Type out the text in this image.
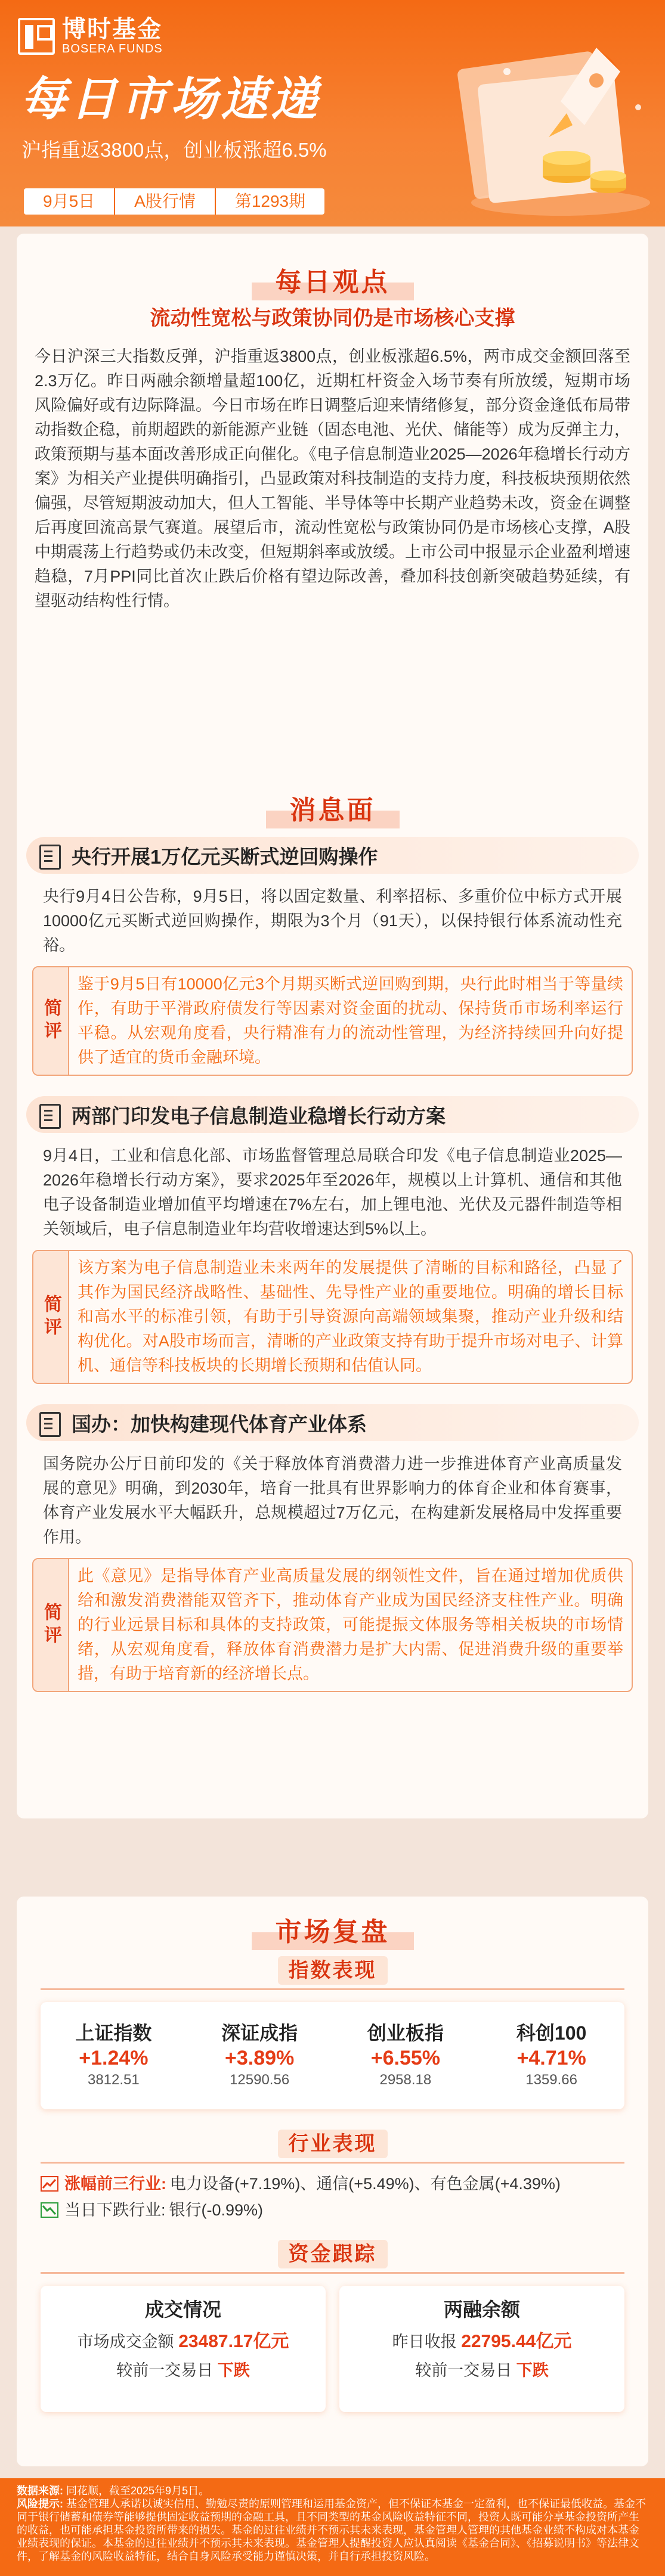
博时基金
BOSERA FUNDS
每日市场速递
沪指重返3800点，创业板涨超6.5%
9月5日	A股行情	第1293期
每日观点
流动性宽松与政策协同仍是市场核心支撑
今日沪深三大指数反弹，沪指重返3800点，创业板涨超6.5%，两市成交金额回落至2.3万亿。昨日两融余额增量超100亿，近期杠杆资金入场节奏有所放缓，短期市场风险偏好或有边际降温。今日市场在昨日调整后迎来情绪修复，部分资金逢低布局带动指数企稳，前期超跌的新能源产业链（固态电池、光伏、储能等）成为反弹主力，政策预期与基本面改善形成正向催化。《电子信息制造业2025—2026年稳增长行动方案》为相关产业提供明确指引，凸显政策对科技制造的支持力度，科技板块预期依然偏强，尽管短期波动加大，但人工智能、半导体等中长期产业趋势未改，资金在调整后再度回流高景气赛道。展望后市，流动性宽松与政策协同仍是市场核心支撑，A股中期震荡上行趋势或仍未改变，但短期斜率或放缓。上市公司中报显示企业盈利增速趋稳，7月PPI同比首次止跌后价格有望边际改善，叠加科技创新突破趋势延续，有望驱动结构性行情。
消息面
央行开展1万亿元买断式逆回购操作
央行9月4日公告称，9月5日，将以固定数量、利率招标、多重价位中标方式开展10000亿元买断式逆回购操作，期限为3个月（91天），以保持银行体系流动性充裕。
简评
鉴于9月5日有10000亿元3个月期买断式逆回购到期，央行此时相当于等量续作，有助于平滑政府债发行等因素对资金面的扰动、保持货币市场利率运行平稳。从宏观角度看，央行精准有力的流动性管理，为经济持续回升向好提供了适宜的货币金融环境。
两部门印发电子信息制造业稳增长行动方案
9月4日，工业和信息化部、市场监督管理总局联合印发《电子信息制造业2025—2026年稳增长行动方案》，要求2025年至2026年，规模以上计算机、通信和其他电子设备制造业增加值平均增速在7%左右，加上锂电池、光伏及元器件制造等相关领域后，电子信息制造业年均营收增速达到5%以上。
简评
该方案为电子信息制造业未来两年的发展提供了清晰的目标和路径，凸显了其作为国民经济战略性、基础性、先导性产业的重要地位。明确的增长目标和高水平的标准引领，有助于引导资源向高端领域集聚，推动产业升级和结构优化。对A股市场而言，清晰的产业政策支持有助于提升市场对电子、计算机、通信等科技板块的长期增长预期和估值认同。
国办：加快构建现代体育产业体系
国务院办公厅日前印发的《关于释放体育消费潜力进一步推进体育产业高质量发展的意见》明确，到2030年，培育一批具有世界影响力的体育企业和体育赛事，体育产业发展水平大幅跃升，总规模超过7万亿元，在构建新发展格局中发挥重要作用。
简评
此《意见》是指导体育产业高质量发展的纲领性文件，旨在通过增加优质供给和激发消费潜能双管齐下，推动体育产业成为国民经济支柱性产业。明确的行业远景目标和具体的支持政策，可能提振文体服务等相关板块的市场情绪，从宏观角度看，释放体育消费潜力是扩大内需、促进消费升级的重要举措，有助于培育新的经济增长点。
市场复盘
指数表现
上证指数
+1.24%
3812.51
深证成指
+3.89%
12590.56
创业板指
+6.55%
2958.18
科创100
+4.71%
1359.66
行业表现
涨幅前三行业: 电力设备(+7.19%)、通信(+5.49%)、有色金属(+4.39%)
当日下跌行业: 银行(-0.99%)
资金跟踪
成交情况
市场成交金额 23487.17亿元
较前一交易日 下跌
两融余额
昨日收报 22795.44亿元
较前一交易日 下跌
数据来源: 同花顺，截至2025年9月5日。
风险提示: 基金管理人承诺以诚实信用、勤勉尽责的原则管理和运用基金资产，但不保证本基金一定盈利，也不保证最低收益。基金不同于银行储蓄和债券等能够提供固定收益预期的金融工具，且不同类型的基金风险收益特征不同，投资人既可能分享基金投资所产生的收益，也可能承担基金投资所带来的损失。基金的过往业绩并不预示其未来表现，基金管理人管理的其他基金业绩不构成对本基金业绩表现的保证。本基金的过往业绩并不预示其未来表现。基金管理人提醒投资人应认真阅读《基金合同》、《招募说明书》等法律文件，了解基金的风险收益特征，结合自身风险承受能力谨慎决策，并自行承担投资风险。
